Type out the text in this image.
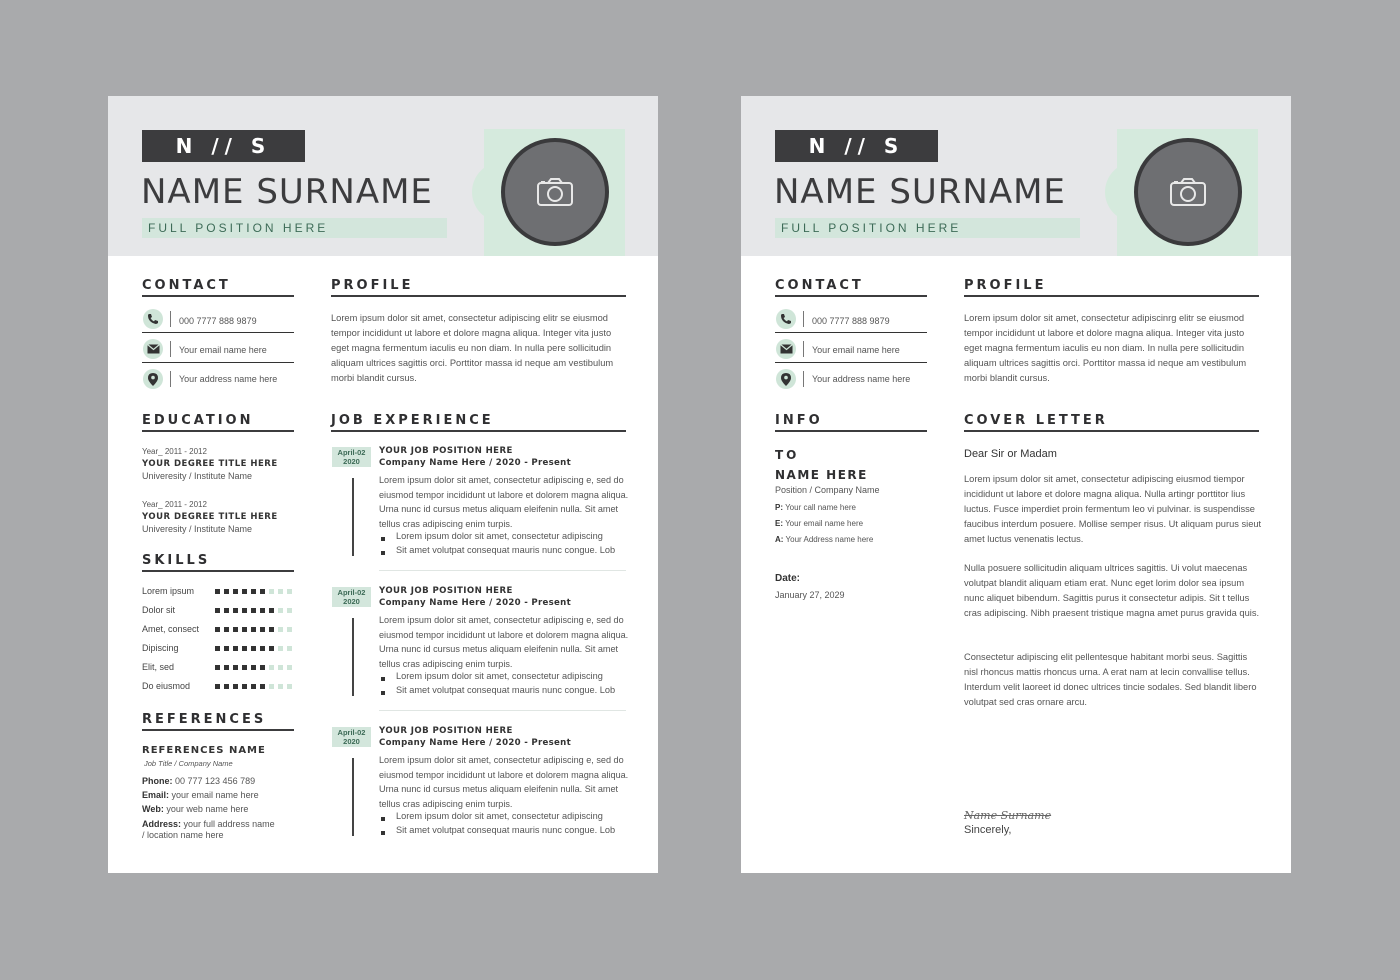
N // S
NAME SURNAME
FULL POSITION HERE
CONTACT
000 7777 888 9879
Your email name here
Your address name here
EDUCATION
Year_ 2011 - 2012
YOUR DEGREE TITLE HERE
Univeresity / Institute Name
Year_ 2011 - 2012
YOUR DEGREE TITLE HERE
Univeresity / Institute Name
SKILLS
Lorem ipsum
Dolor sit
Amet, consect
Dipiscing
Elit, sed
Do eiusmod
REFERENCES
REFERENCES NAME
Job Title / Company Name
Phone: 00 777 123 456 789
Email: your email name here
Web: your web name here
Address: your full address name
/ location name here
PROFILE
Lorem ipsum dolor sit amet, consectetur adipiscing elitr se eiusmod tempor incididunt ut labore et dolore magna aliqua. Integer vita justo eget magna fermentum iaculis eu non diam. In nulla pere sollicitudin aliquam ultrices sagittis orci. Porttitor massa id neque am vestibulum morbi blandit cursus.
JOB EXPERIENCE
April-02
2020
YOUR JOB POSITION HERE
Company Name Here / 2020 - Present
Lorem ipsum dolor sit amet, consectetur adipiscing e, sed do eiusmod tempor incididunt ut labore et dolorem magna aliqua. Urna nunc id cursus metus aliquam eleifenin nulla. Sit amet tellus cras adipiscing enim turpis.
Lorem ipsum dolor sit amet, consectetur adipiscing
Sit amet volutpat consequat mauris nunc congue. Lob
April-02
2020
YOUR JOB POSITION HERE
Company Name Here / 2020 - Present
Lorem ipsum dolor sit amet, consectetur adipiscing e, sed do eiusmod tempor incididunt ut labore et dolorem magna aliqua. Urna nunc id cursus metus aliquam eleifenin nulla. Sit amet tellus cras adipiscing enim turpis.
Lorem ipsum dolor sit amet, consectetur adipiscing
Sit amet volutpat consequat mauris nunc congue. Lob
April-02
2020
YOUR JOB POSITION HERE
Company Name Here / 2020 - Present
Lorem ipsum dolor sit amet, consectetur adipiscing e, sed do eiusmod tempor incididunt ut labore et dolorem magna aliqua. Urna nunc id cursus metus aliquam eleifenin nulla. Sit amet tellus cras adipiscing enim turpis.
Lorem ipsum dolor sit amet, consectetur adipiscing
Sit amet volutpat consequat mauris nunc congue. Lob
N // S
NAME SURNAME
FULL POSITION HERE
CONTACT
000 7777 888 9879
Your email name here
Your address name here
INFO
TO
NAME HERE
Position / Company Name
P: Your call name here
E: Your email name here
A: Your Address name here
Date:
January 27, 2029
PROFILE
Lorem ipsum dolor sit amet, consectetur adipiscinrg elitr se eiusmod tempor incididunt ut labore et dolore magna aliqua. Integer vita justo eget magna fermentum iaculis eu non diam. In nulla pere sollicitudin aliquam ultrices sagittis orci. Porttitor massa id neque am vestibulum morbi blandit cursus.
COVER LETTER
Dear Sir or Madam
Lorem ipsum dolor sit amet, consectetur adipiscing eiusmod tiempor incididunt ut labore et dolore magna aliqua. Nulla artingr porttitor lius luctus. Fusce imperdiet proin fermentum leo vi pulvinar. is suspendisse faucibus interdum posuere. Mollise semper risus. Ut aliquam purus sieut amet luctus venenatis lectus.
Nulla posuere sollicitudin aliquam ultrices sagittis. Ui volut maecenas volutpat blandit aliquam etiam erat. Nunc eget lorim dolor sea ipsum nunc aliquet bibendum. Sagittis purus it consectetur adipis. Sit t tellus cras adipiscing. Nibh praesent tristique magna amet purus gravida quis.
Consectetur adipiscing elit pellentesque habitant morbi seus. Sagittis nisl rhoncus mattis rhoncus urna. A erat nam at lecin convallise tellus. Interdum velit laoreet id donec ultrices tincie sodales. Sed blandit libero volutpat sed cras ornare arcu.
Name Surname
Sincerely,
